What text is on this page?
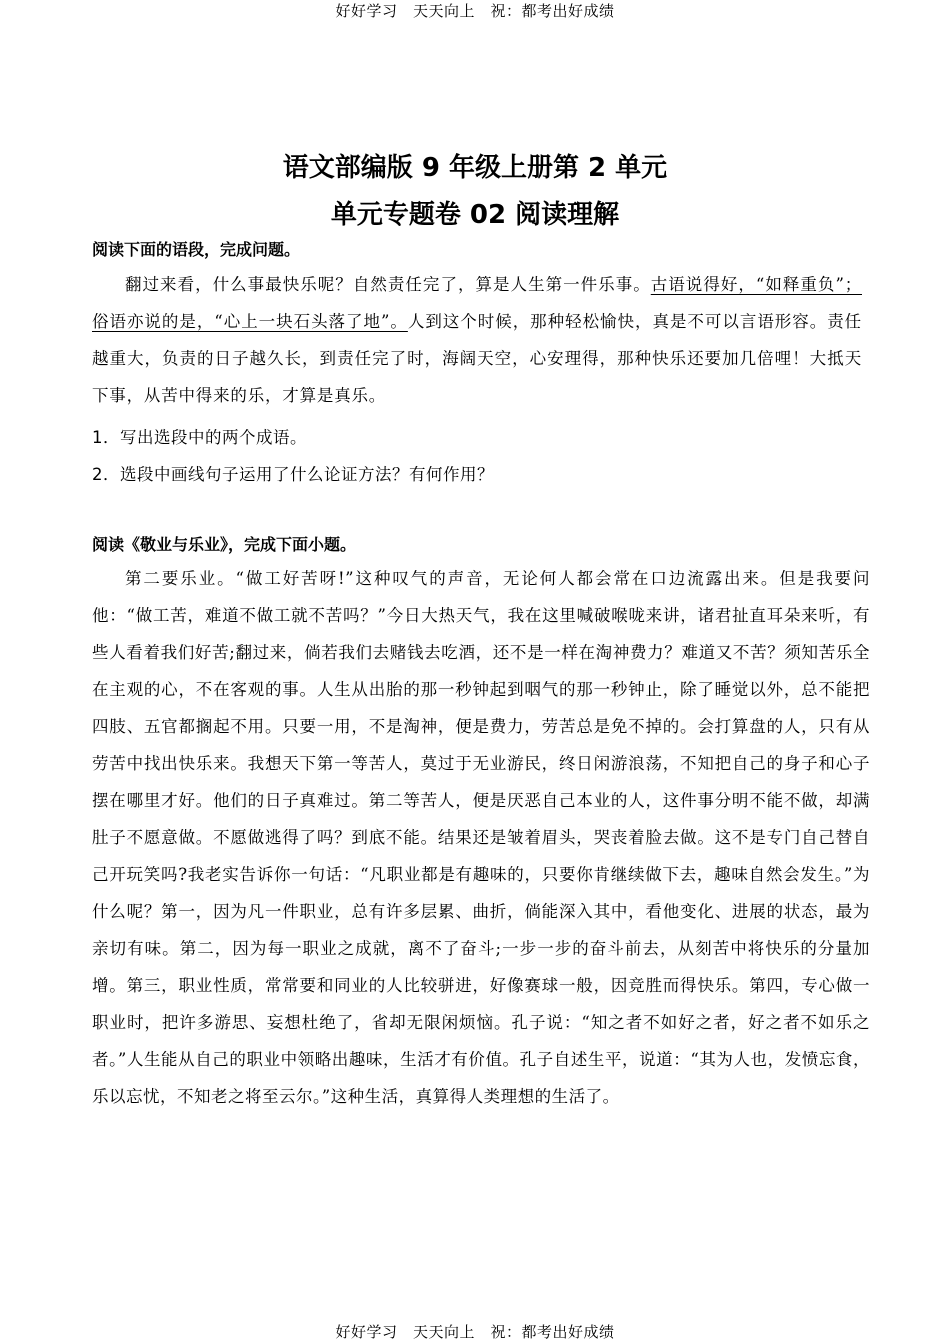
好好学习　天天向上　祝：都考出好成绩
语文部编版 9 年级上册第 2 单元
单元专题卷 02 阅读理解
阅读下面的语段，完成问题。

翻过来看，什么事最快乐呢？自然责任完了，算是人生第一件乐事。古语说得好，“如释重负”；俗语亦说的是，“心上一块石头落了地”。人到这个时候，那种轻松愉快，真是不可以言语形容。责任越重大，负责的日子越久长，到责任完了时，海阔天空，心安理得，那种快乐还要加几倍哩！大抵天下事，从苦中得来的乐，才算是真乐。

1．写出选段中的两个成语。
2．选段中画线句子运用了什么论证方法？有何作用？
阅读《敬业与乐业》，完成下面小题。

第二要乐业。“做工好苦呀!”这种叹气的声音，无论何人都会常在口边流露出来。但是我要问他：“做工苦，难道不做工就不苦吗？”今日大热天气，我在这里喊破喉咙来讲，诸君扯直耳朵来听，有些人看着我们好苦;翻过来，倘若我们去赌钱去吃酒，还不是一样在淘神费力？难道又不苦？须知苦乐全在主观的心，不在客观的事。人生从出胎的那一秒钟起到咽气的那一秒钟止，除了睡觉以外，总不能把四肢、五官都搁起不用。只要一用，不是淘神，便是费力，劳苦总是免不掉的。会打算盘的人，只有从劳苦中找出快乐来。我想天下第一等苦人，莫过于无业游民，终日闲游浪荡，不知把自己的身子和心子摆在哪里才好。他们的日子真难过。第二等苦人，便是厌恶自己本业的人，这件事分明不能不做，却满肚子不愿意做。不愿做逃得了吗？到底不能。结果还是皱着眉头，哭丧着脸去做。这不是专门自己替自己开玩笑吗?我老实告诉你一句话：“凡职业都是有趣味的，只要你肯继续做下去，趣味自然会发生。”为什么呢？第一，因为凡一件职业，总有许多层累、曲折，倘能深入其中，看他变化、进展的状态，最为亲切有味。第二，因为每一职业之成就，离不了奋斗;一步一步的奋斗前去，从刻苦中将快乐的分量加增。第三，职业性质，常常要和同业的人比较骈进，好像赛球一般，因竞胜而得快乐。第四，专心做一职业时，把许多游思、妄想杜绝了，省却无限闲烦恼。孔子说：“知之者不如好之者，好之者不如乐之者。”人生能从自己的职业中领略出趣味，生活才有价值。孔子自述生平，说道：“其为人也，发愤忘食，乐以忘忧，不知老之将至云尔。”这种生活，真算得人类理想的生活了。

好好学习　天天向上　祝：都考出好成绩
